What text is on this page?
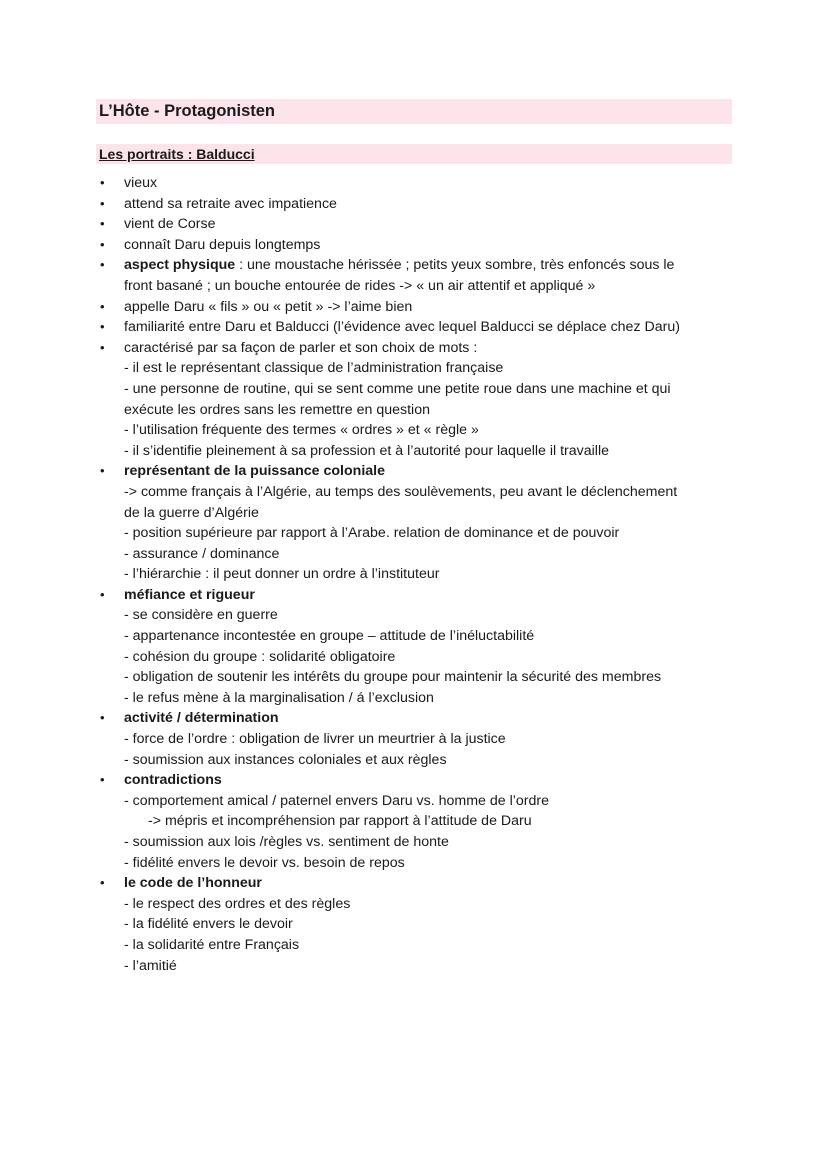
L’Hôte - Protagonisten
Les portraits : Balducci
• vieux
• attend sa retraite avec impatience
• vient de Corse
• connaît Daru depuis longtemps
• aspect physique : une moustache hérissée ; petits yeux sombre, très enfoncés sous le
front basané ; un bouche entourée de rides -> « un air attentif et appliqué »
• appelle Daru « fils » ou « petit » -> l’aime bien
• familiarité entre Daru et Balducci (l’évidence avec lequel Balducci se déplace chez Daru)
• caractérisé par sa façon de parler et son choix de mots :
- il est le représentant classique de l’administration française
- une personne de routine, qui se sent comme une petite roue dans une machine et qui
exécute les ordres sans les remettre en question
- l’utilisation fréquente des termes « ordres » et « règle »
- il s’identifie pleinement à sa profession et à l’autorité pour laquelle il travaille
• représentant de la puissance coloniale
-> comme français à l’Algérie, au temps des soulèvements, peu avant le déclenchement
de la guerre d’Algérie
- position supérieure par rapport à l’Arabe. relation de dominance et de pouvoir
- assurance / dominance
- l’hiérarchie : il peut donner un ordre à l’instituteur
• méfiance et rigueur
- se considère en guerre
- appartenance incontestée en groupe – attitude de l’inéluctabilité
- cohésion du groupe : solidarité obligatoire
- obligation de soutenir les intérêts du groupe pour maintenir la sécurité des membres
- le refus mène à la marginalisation / á l’exclusion
• activité / détermination
- force de l’ordre : obligation de livrer un meurtrier à la justice
- soumission aux instances coloniales et aux règles
• contradictions
- comportement amical / paternel envers Daru vs. homme de l’ordre
-> mépris et incompréhension par rapport à l’attitude de Daru
- soumission aux lois /règles vs. sentiment de honte
- fidélité envers le devoir vs. besoin de repos
• le code de l’honneur
- le respect des ordres et des règles
- la fidélité envers le devoir
- la solidarité entre Français
- l’amitié
